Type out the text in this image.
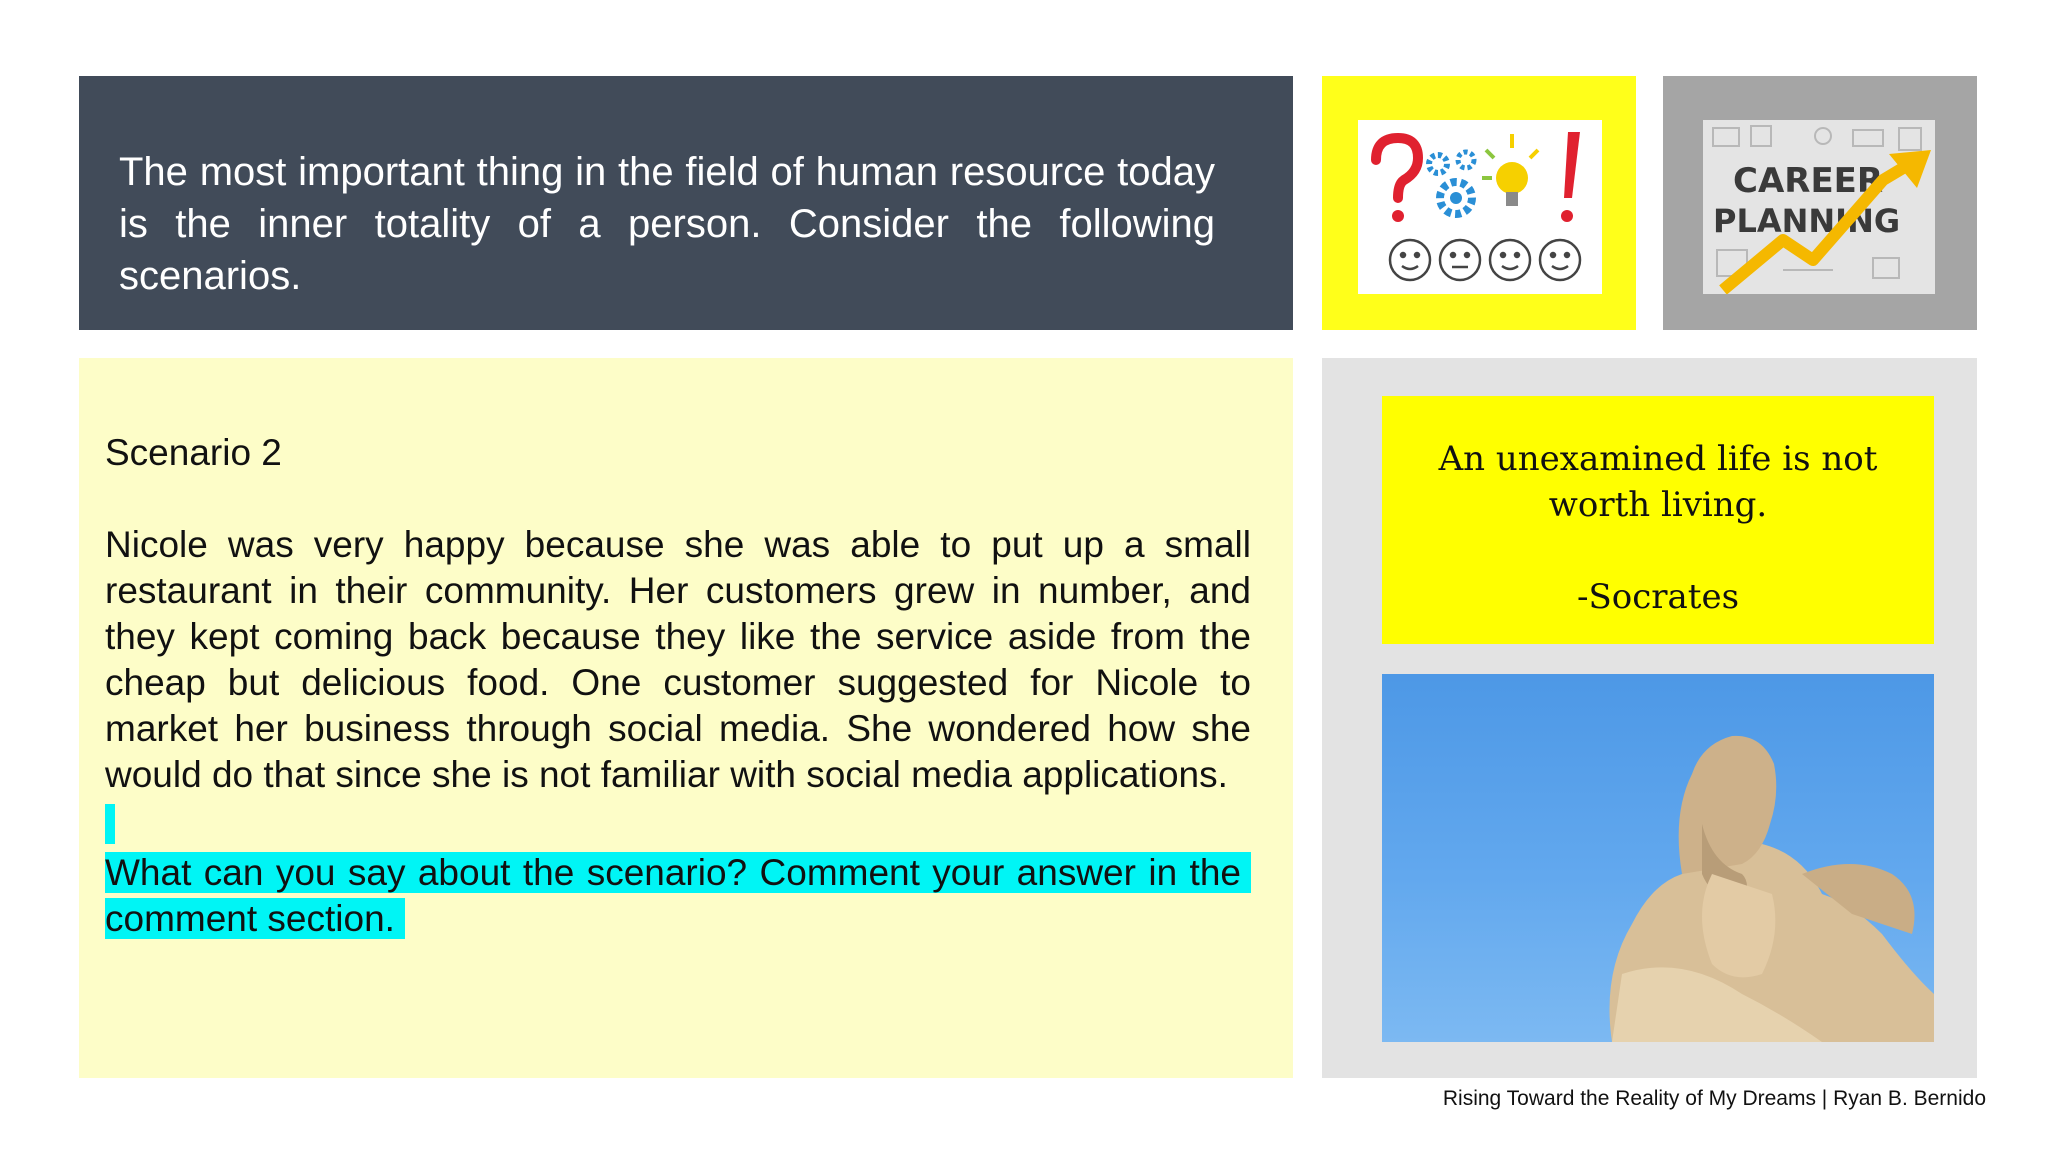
The most important thing in the field of human resource today is the inner totality of a person. Consider the following scenarios.
CAREER
PLANNING

Scenario 2

Nicole was very happy because she was able to put up a small restaurant in their community. Her customers grew in number, and they kept coming back because they like the service aside from the cheap but delicious food. One customer suggested for Nicole to market her business through social media. She wondered how she would do that since she is not familiar with social media applications.

What can you say about the scenario? Comment your answer in the comment section.

An unexamined life is not worth living.
-Socrates
Rising Toward the Reality of My Dreams | Ryan B. Bernido
